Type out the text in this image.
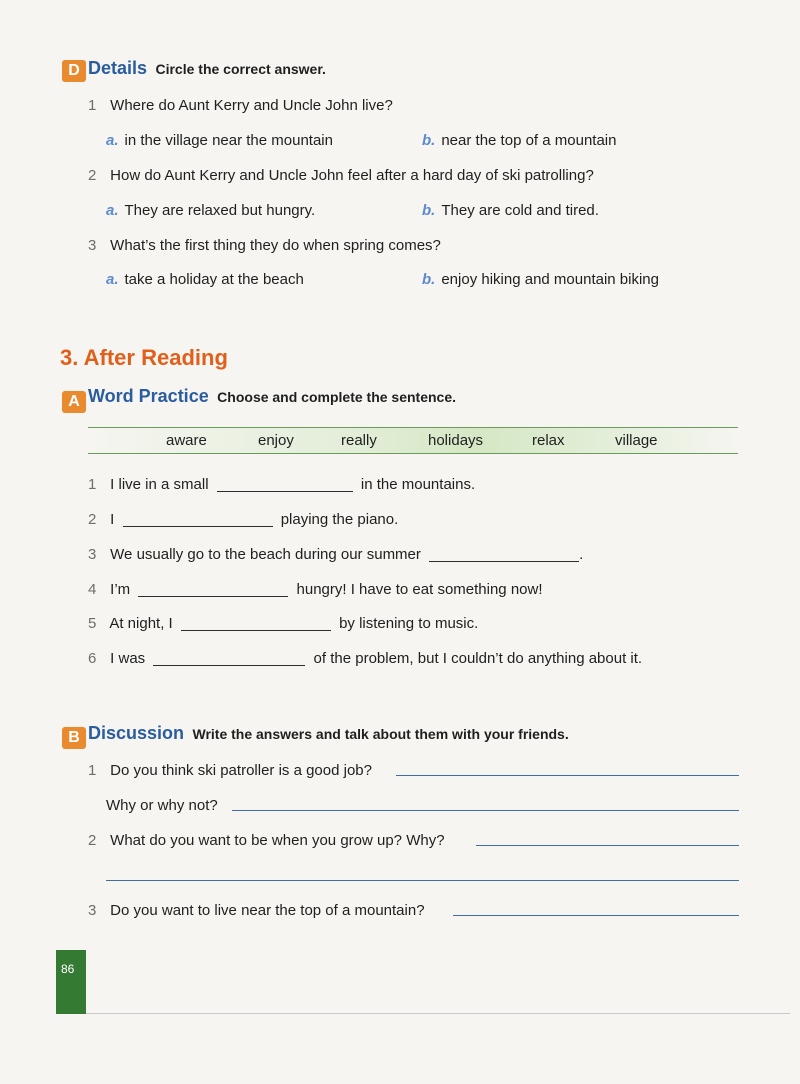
D Details Circle the correct answer.
1 Where do Aunt Kerry and Uncle John live?
a. in the village near the mountain	b. near the top of a mountain
2 How do Aunt Kerry and Uncle John feel after a hard day of ski patrolling?
a. They are relaxed but hungry.	b. They are cold and tired.
3 What’s the first thing they do when spring comes?
a. take a holiday at the beach	b. enjoy hiking and mountain biking
3. After Reading
A Word Practice Choose and complete the sentence.
aware	enjoy	really	holidays	relax	village
1 I live in a small	in the mountains.
2 I	playing the piano.
3 We usually go to the beach during our summer	.
4 I’m	hungry! I have to eat something now!
5 At night, I	by listening to music.
6 I was	of the problem, but I couldn’t do anything about it.
B Discussion Write the answers and talk about them with your friends.
1 Do you think ski patroller is a good job?
Why or why not?
2 What do you want to be when you grow up? Why?
3 Do you want to live near the top of a mountain?
86
